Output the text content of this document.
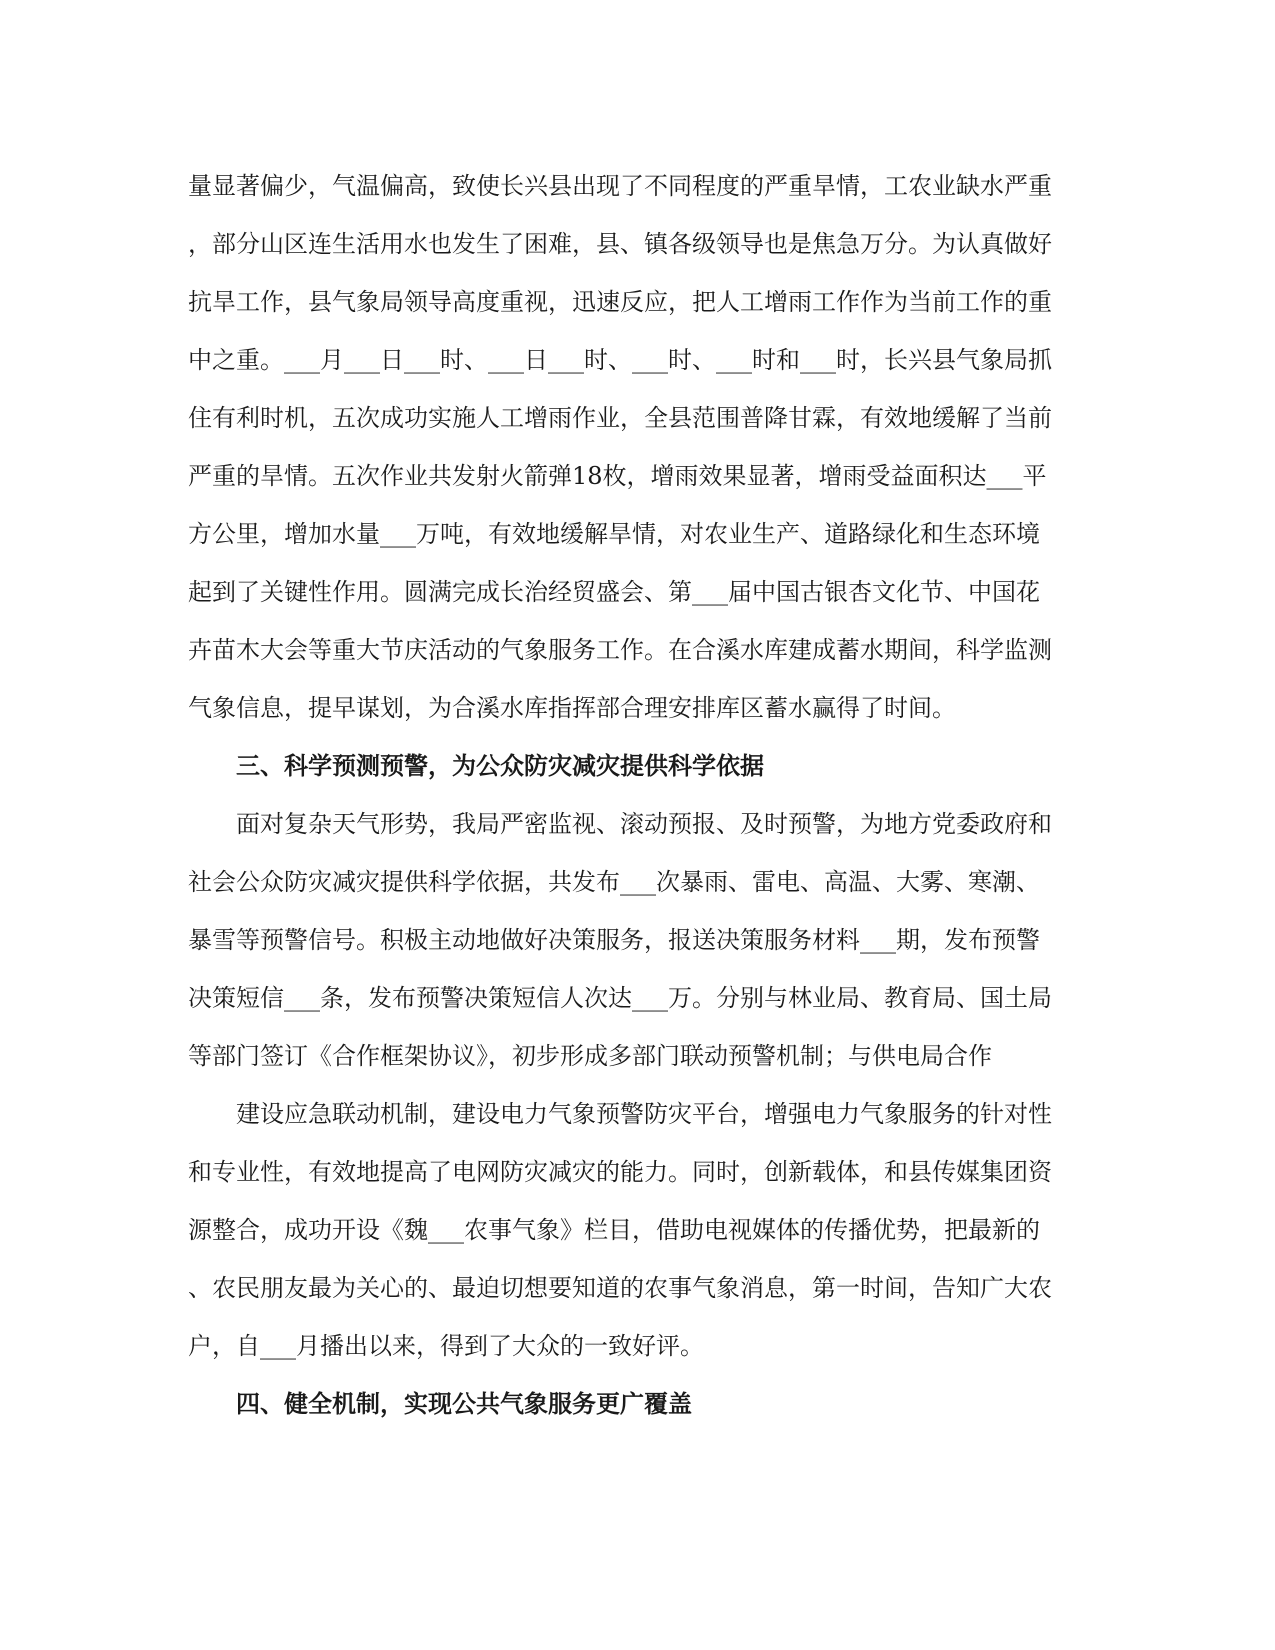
量显著偏少，气温偏高，致使长兴县出现了不同程度的严重旱情，工农业缺水严重
，部分山区连生活用水也发生了困难，县、镇各级领导也是焦急万分。为认真做好
抗旱工作，县气象局领导高度重视，迅速反应，把人工增雨工作作为当前工作的重
中之重。___月___日___时、___日___时、___时、___时和___时，长兴县气象局抓
住有利时机，五次成功实施人工增雨作业，全县范围普降甘霖，有效地缓解了当前
严重的旱情。五次作业共发射火箭弹18枚，增雨效果显著，增雨受益面积达___平
方公里，增加水量___万吨，有效地缓解旱情，对农业生产、道路绿化和生态环境
起到了关键性作用。圆满完成长治经贸盛会、第___届中国古银杏文化节、中国花
卉苗木大会等重大节庆活动的气象服务工作。在合溪水库建成蓄水期间，科学监测
气象信息，提早谋划，为合溪水库指挥部合理安排库区蓄水赢得了时间。
三、科学预测预警，为公众防灾减灾提供科学依据
面对复杂天气形势，我局严密监视、滚动预报、及时预警，为地方党委政府和
社会公众防灾减灾提供科学依据，共发布___次暴雨、雷电、高温、大雾、寒潮、
暴雪等预警信号。积极主动地做好决策服务，报送决策服务材料___期，发布预警
决策短信___条，发布预警决策短信人次达___万。分别与林业局、教育局、国土局
等部门签订《合作框架协议》，初步形成多部门联动预警机制；与供电局合作
建设应急联动机制，建设电力气象预警防灾平台，增强电力气象服务的针对性
和专业性，有效地提高了电网防灾减灾的能力。同时，创新载体，和县传媒集团资
源整合，成功开设《魏___农事气象》栏目，借助电视媒体的传播优势，把最新的
、农民朋友最为关心的、最迫切想要知道的农事气象消息，第一时间，告知广大农
户，自___月播出以来，得到了大众的一致好评。
四、健全机制，实现公共气象服务更广覆盖
